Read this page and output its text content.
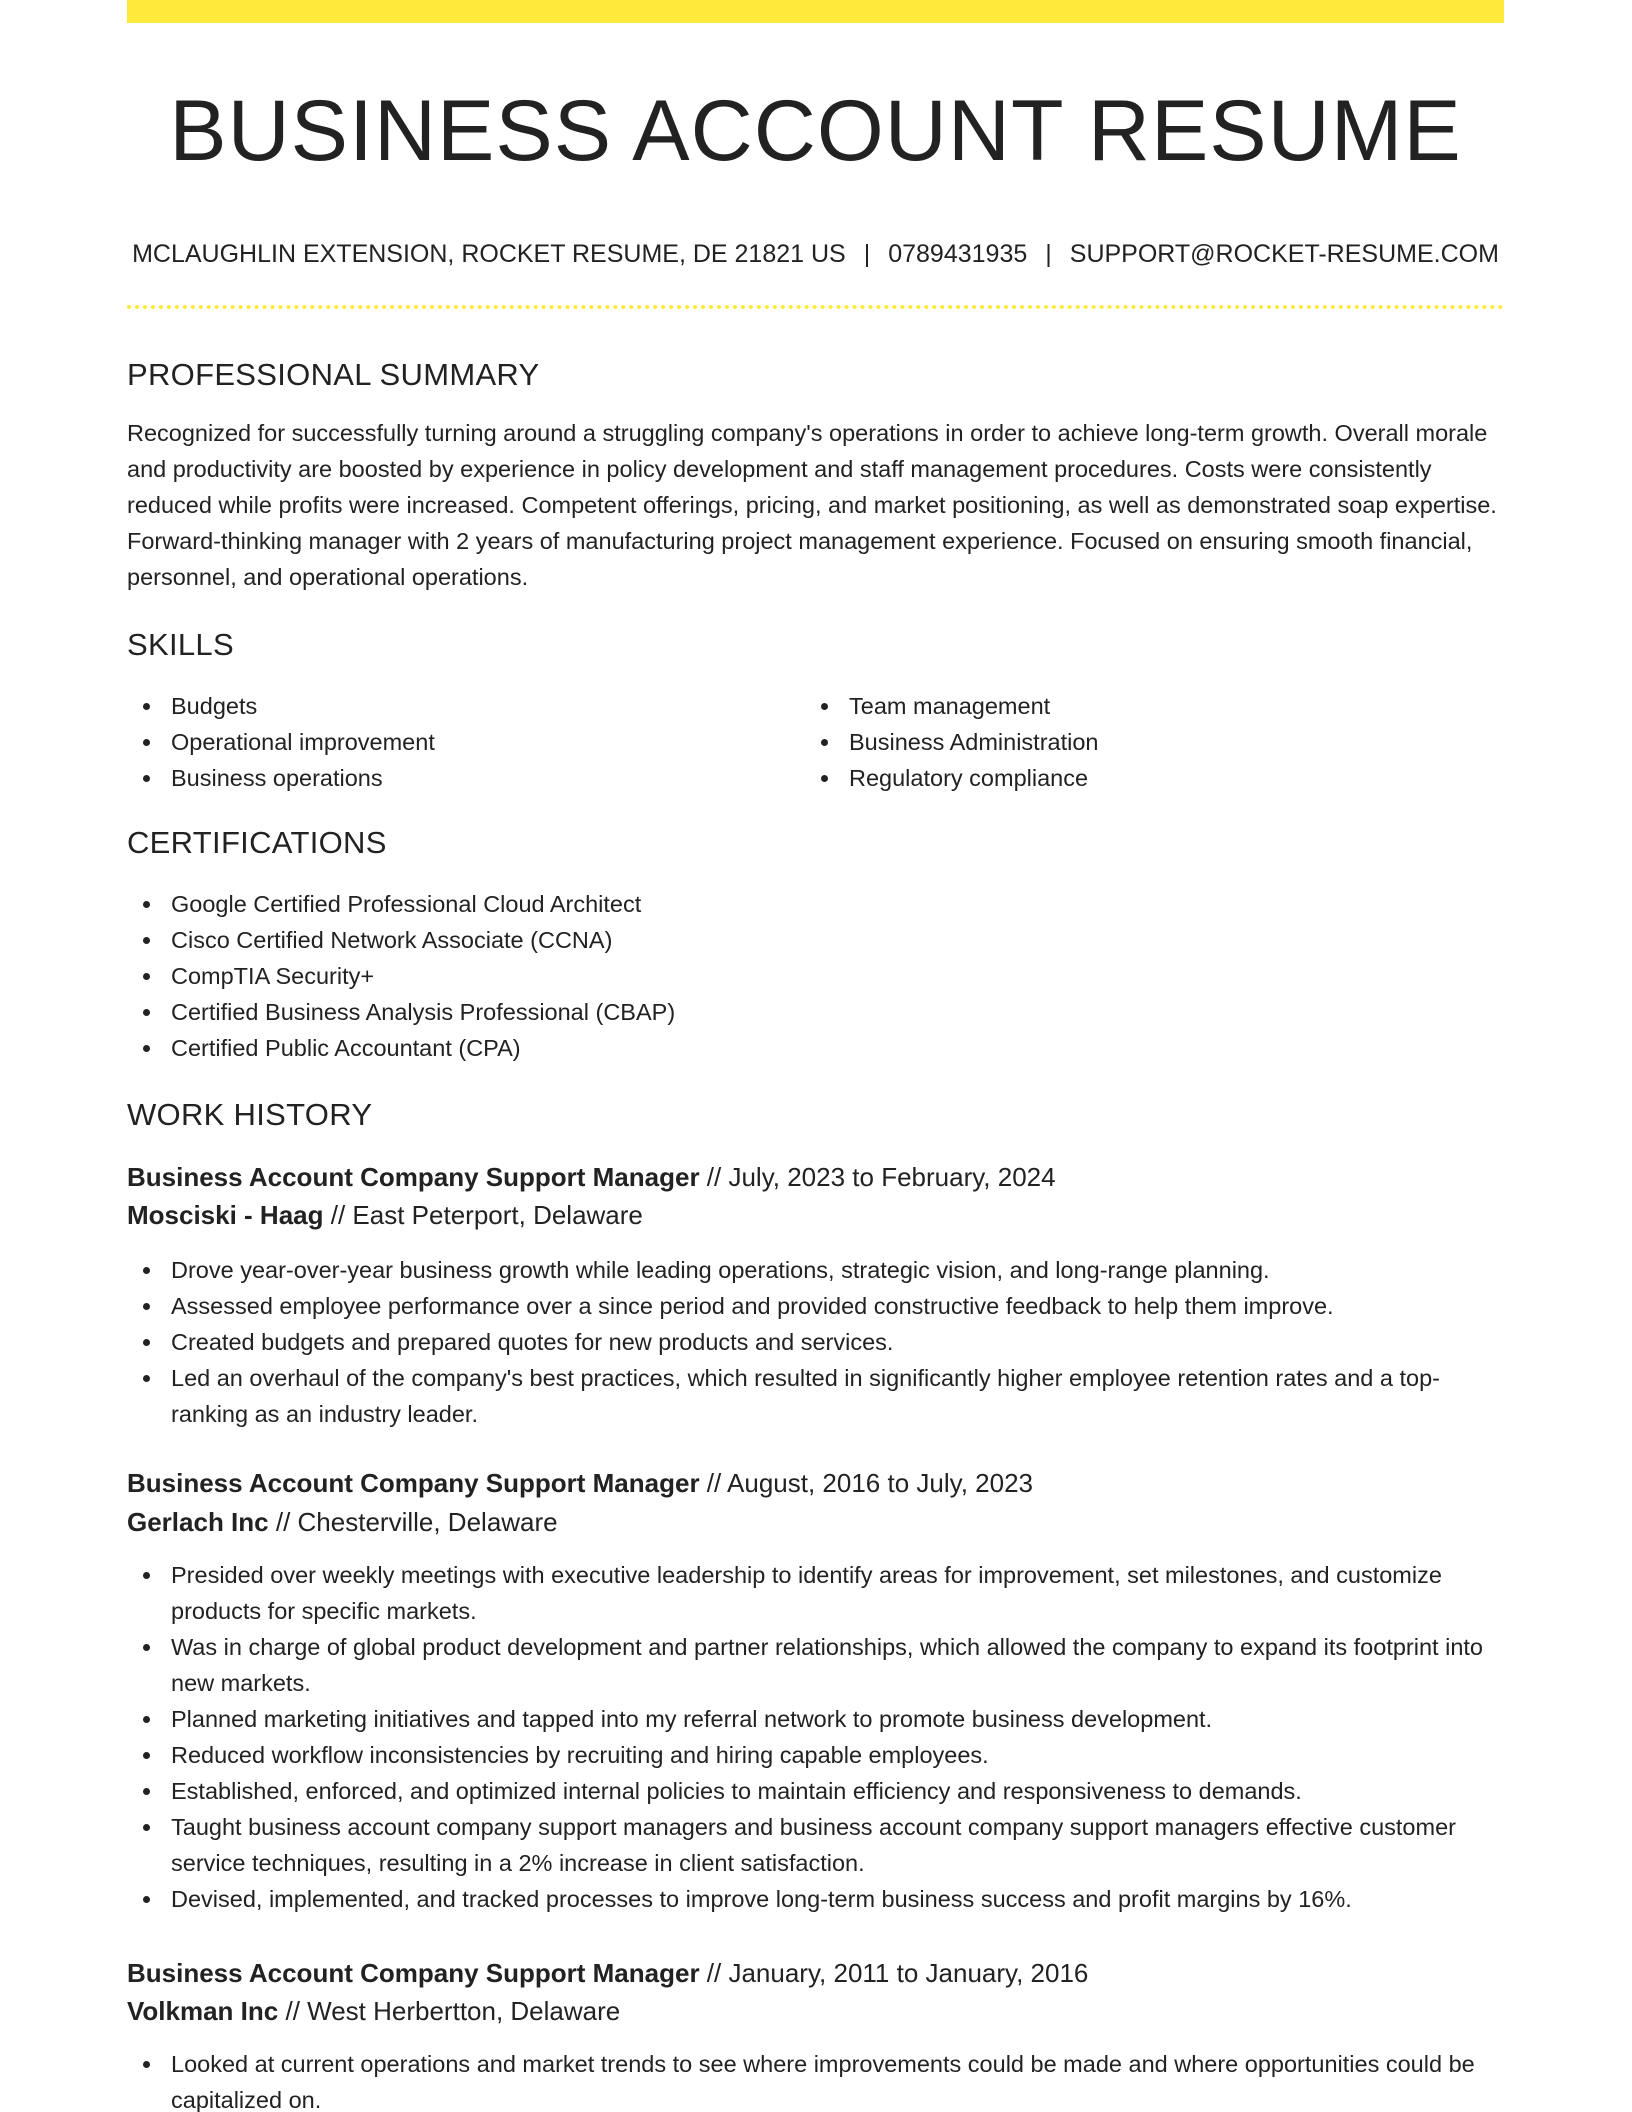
BUSINESS ACCOUNT RESUME
MCLAUGHLIN EXTENSION, ROCKET RESUME, DE 21821 US | 0789431935 | SUPPORT@ROCKET-RESUME.COM
PROFESSIONAL SUMMARY

Recognized for successfully turning around a struggling company's operations in order to achieve long-term growth. Overall morale and productivity are boosted by experience in policy development and staff management procedures. Costs were consistently reduced while profits were increased. Competent offerings, pricing, and market positioning, as well as demonstrated soap expertise. Forward-thinking manager with 2 years of manufacturing project management experience. Focused on ensuring smooth financial, personnel, and operational operations.

SKILLS
Budgets
Operational improvement
Business operations
Team management
Business Administration
Regulatory compliance
CERTIFICATIONS
Google Certified Professional Cloud Architect
Cisco Certified Network Associate (CCNA)
CompTIA Security+
Certified Business Analysis Professional (CBAP)
Certified Public Accountant (CPA)
WORK HISTORY
Business Account Company Support Manager // July, 2023 to February, 2024
Mosciski - Haag // East Peterport, Delaware
Drove year-over-year business growth while leading operations, strategic vision, and long-range planning.
Assessed employee performance over a since period and provided constructive feedback to help them improve.
Created budgets and prepared quotes for new products and services.
Led an overhaul of the company's best practices, which resulted in significantly higher employee retention rates and a top-ranking as an industry leader.
Business Account Company Support Manager // August, 2016 to July, 2023
Gerlach Inc // Chesterville, Delaware
Presided over weekly meetings with executive leadership to identify areas for improvement, set milestones, and customize products for specific markets.
Was in charge of global product development and partner relationships, which allowed the company to expand its footprint into new markets.
Planned marketing initiatives and tapped into my referral network to promote business development.
Reduced workflow inconsistencies by recruiting and hiring capable employees.
Established, enforced, and optimized internal policies to maintain efficiency and responsiveness to demands.
Taught business account company support managers and business account company support managers effective customer service techniques, resulting in a 2% increase in client satisfaction.
Devised, implemented, and tracked processes to improve long-term business success and profit margins by 16%.
Business Account Company Support Manager // January, 2011 to January, 2016
Volkman Inc // West Herbertton, Delaware
Looked at current operations and market trends to see where improvements could be made and where opportunities could be capitalized on.
